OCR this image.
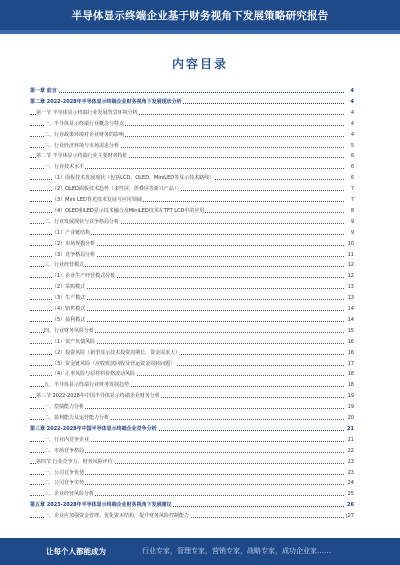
半导体显示终端企业基于财务视角下发展策略研究报告
内容目录
第一章 前言	4
第二章 2022-2028年半导体显示终端企业财务视角下发展现状分析	4
第一节 半导体显示终端行业发展背景环境分析	4
一、半导体显示终端行业概念与特点	4
二、行业政策环境对企业财务的影响	4
三、行业经济环境与市场需求分析	5
第二节 半导体显示终端行业主要财务特征	6
一、行业技术水平	6
（1）面板技术发展现状（包括LCD、OLED、MiniLED等显示技术路线）	6
（2）OLED面板技术趋势（柔性屏、折叠屏等新兴产品）	7
（3）Mini LED背光技术发展与应用领域	7
（4）OLED和LED显示技术融合及MiniLED技术在TFT LCD中的应用	8
二、行业发展现状与竞争格局分析	9
（1）产业链结构	9
（2）市场规模分析	10
（3）竞争格局分析	11
三、行业经营模式	12
（1）企业生产经营模式分析	12
（2）采购模式	13
（3）生产模式	13
（4）销售模式	14
（5）盈利模式	14
四、行业财务风险分析	15
（1）资产负债风险	16
（2）投资风险（新型显示技术投资周期长、资金需求大）	16
（3）资金链风险（应收账款回收及营运资金周转问题）	17
（4）汇率风险与原材料价格波动风险	18
五、半导体显示终端行业财务发展趋势	18
第三节 2022-2028年中国半导体显示终端企业财务分析	19
一、偿债能力分析	19
二、盈利能力及运营能力分析	20
第三章 2022-2028年中国半导体显示终端企业竞争分析	21
一、行业内竞争企业	21
二、市场竞争格局	22
第四节 行业竞争力、财务风险评价	23
一、公司竞争优势	23
二、公司竞争劣势	24
三、企业经营风险分析	25
第五章 2023-2028年半导体显示终端企业财务视角下发展建议	26
一、企业应加强资金管理、优化资本结构，提升财务风险控制能力	27
1
让每个人都能成为	行业专家，管理专家，营销专家，战略专家，成功企业家……
